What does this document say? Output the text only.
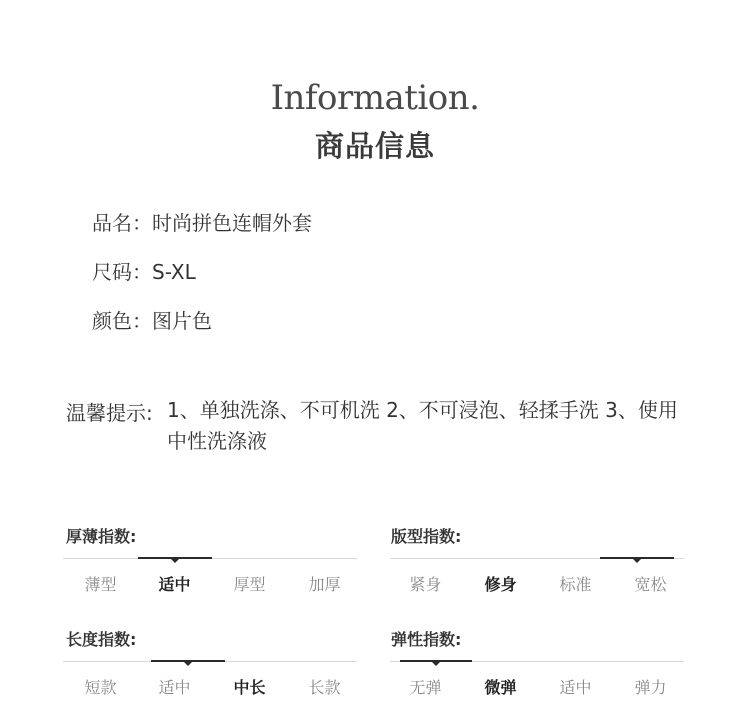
Information.
商品信息
品名：时尚拼色连帽外套
尺码：S-XL
颜色：图片色
温馨提示: 1、单独洗涤、不可机洗 2、不可浸泡、轻揉手洗 3、使用中性洗涤液
厚薄指数:
薄型	适中	厚型	加厚
版型指数:
紧身	修身	标准	宽松
长度指数:
短款	适中	中长	长款
弹性指数:
无弹	微弹	适中	弹力
